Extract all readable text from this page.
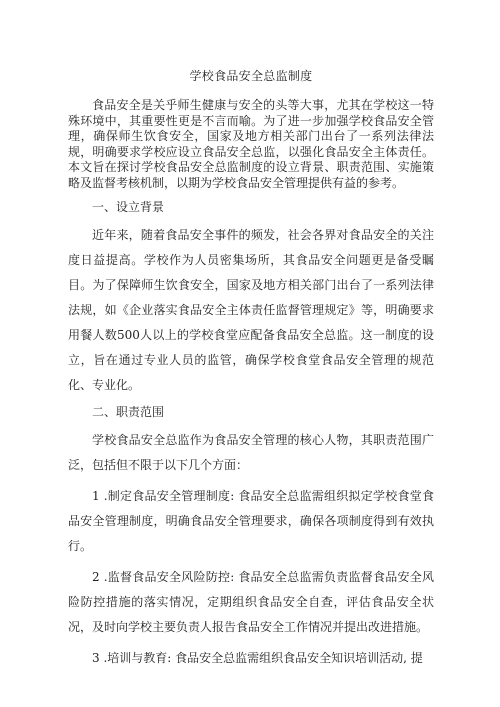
学校食品安全总监制度

食品安全是关乎师生健康与安全的头等大事，尤其在学校这一特殊环境中，其重要性更是不言而喻。为了进一步加强学校食品安全管理，确保师生饮食安全，国家及地方相关部门出台了一系列法律法规，明确要求学校应设立食品安全总监，以强化食品安全主体责任。本文旨在探讨学校食品安全总监制度的设立背景、职责范围、实施策略及监督考核机制，以期为学校食品安全管理提供有益的参考。

一、设立背景

近年来，随着食品安全事件的频发，社会各界对食品安全的关注度日益提高。学校作为人员密集场所，其食品安全问题更是备受瞩目。为了保障师生饮食安全，国家及地方相关部门出台了一系列法律法规，如《企业落实食品安全主体责任监督管理规定》等，明确要求用餐人数500人以上的学校食堂应配备食品安全总监。这一制度的设立，旨在通过专业人员的监管，确保学校食堂食品安全管理的规范化、专业化。

二、职责范围

学校食品安全总监作为食品安全管理的核心人物，其职责范围广泛，包括但不限于以下几个方面：

1 .制定食品安全管理制度: 食品安全总监需组织拟定学校食堂食品安全管理制度，明确食品安全管理要求，确保各项制度得到有效执行。

2 .监督食品安全风险防控: 食品安全总监需负责监督食品安全风险防控措施的落实情况，定期组织食品安全自查，评估食品安全状况，及时向学校主要负责人报告食品安全工作情况并提出改进措施。

3 .培训与教育: 食品安全总监需组织食品安全知识培训活动, 提
